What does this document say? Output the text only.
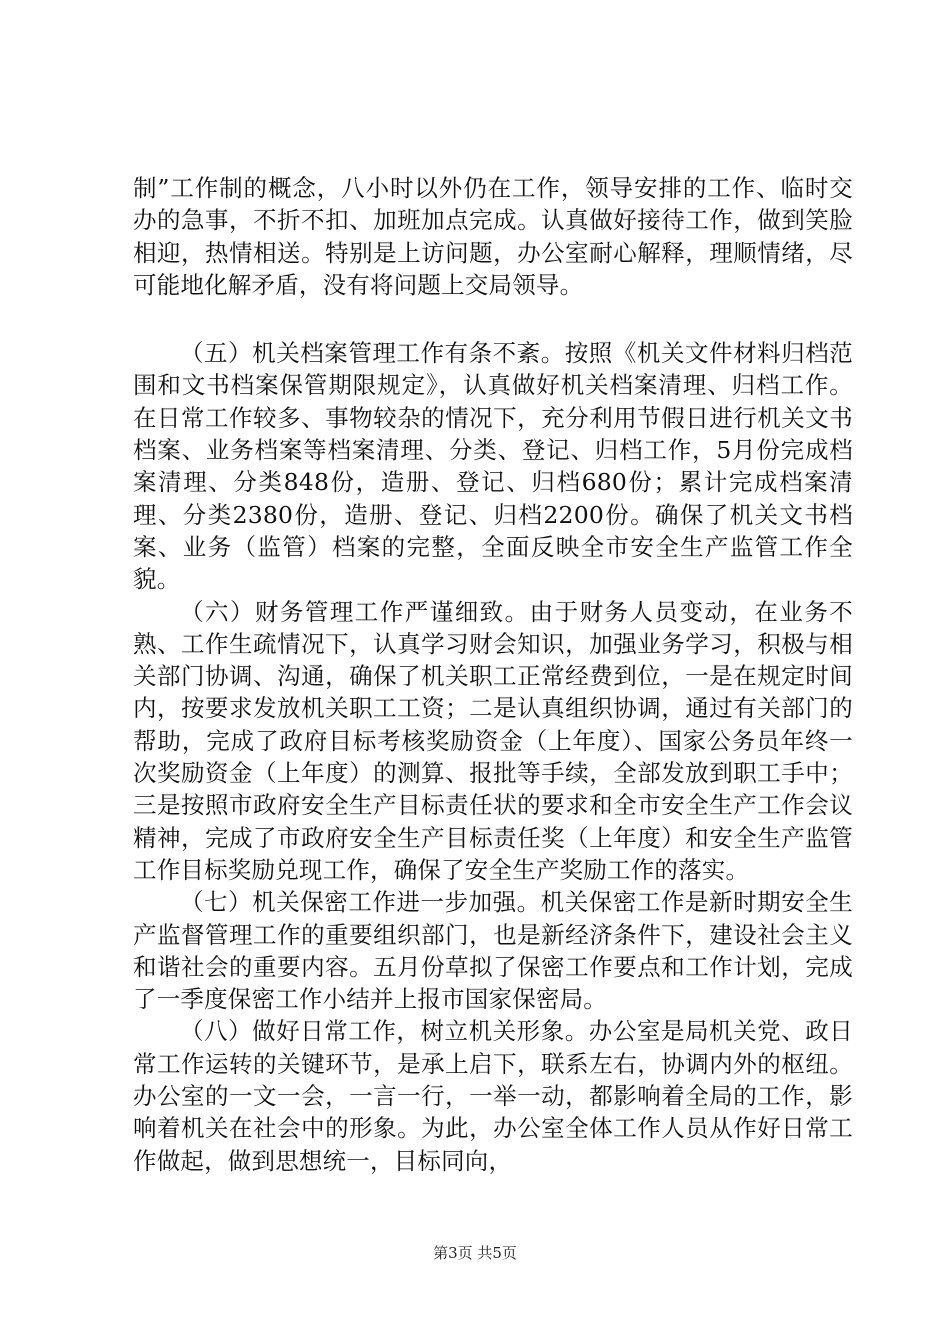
制”工作制的概念，八小时以外仍在工作，领导安排的工作、临时交办的急事，不折不扣、加班加点完成。认真做好接待工作，做到笑脸相迎，热情相送。特别是上访问题，办公室耐心解释，理顺情绪，尽可能地化解矛盾，没有将问题上交局领导。

（五）机关档案管理工作有条不紊。按照《机关文件材料归档范围和文书档案保管期限规定》，认真做好机关档案清理、归档工作。在日常工作较多、事物较杂的情况下，充分利用节假日进行机关文书档案、业务档案等档案清理、分类、登记、归档工作，5月份完成档案清理、分类848份，造册、登记、归档680份；累计完成档案清理、分类2380份，造册、登记、归档2200份。确保了机关文书档案、业务（监管）档案的完整，全面反映全市安全生产监管工作全貌。

（六）财务管理工作严谨细致。由于财务人员变动，在业务不熟、工作生疏情况下，认真学习财会知识，加强业务学习，积极与相关部门协调、沟通，确保了机关职工正常经费到位，一是在规定时间内，按要求发放机关职工工资；二是认真组织协调，通过有关部门的帮助，完成了政府目标考核奖励资金（上年度）、国家公务员年终一次奖励资金（上年度）的测算、报批等手续，全部发放到职工手中；三是按照市政府安全生产目标责任状的要求和全市安全生产工作会议精神，完成了市政府安全生产目标责任奖（上年度）和安全生产监管工作目标奖励兑现工作，确保了安全生产奖励工作的落实。

（七）机关保密工作进一步加强。机关保密工作是新时期安全生产监督管理工作的重要组织部门，也是新经济条件下，建设社会主义和谐社会的重要内容。五月份草拟了保密工作要点和工作计划，完成了一季度保密工作小结并上报市国家保密局。

（八）做好日常工作，树立机关形象。办公室是局机关党、政日常工作运转的关键环节，是承上启下，联系左右，协调内外的枢纽。办公室的一文一会，一言一行，一举一动，都影响着全局的工作，影响着机关在社会中的形象。为此，办公室全体工作人员从作好日常工作做起，做到思想统一，目标同向，

第3页 共5页
